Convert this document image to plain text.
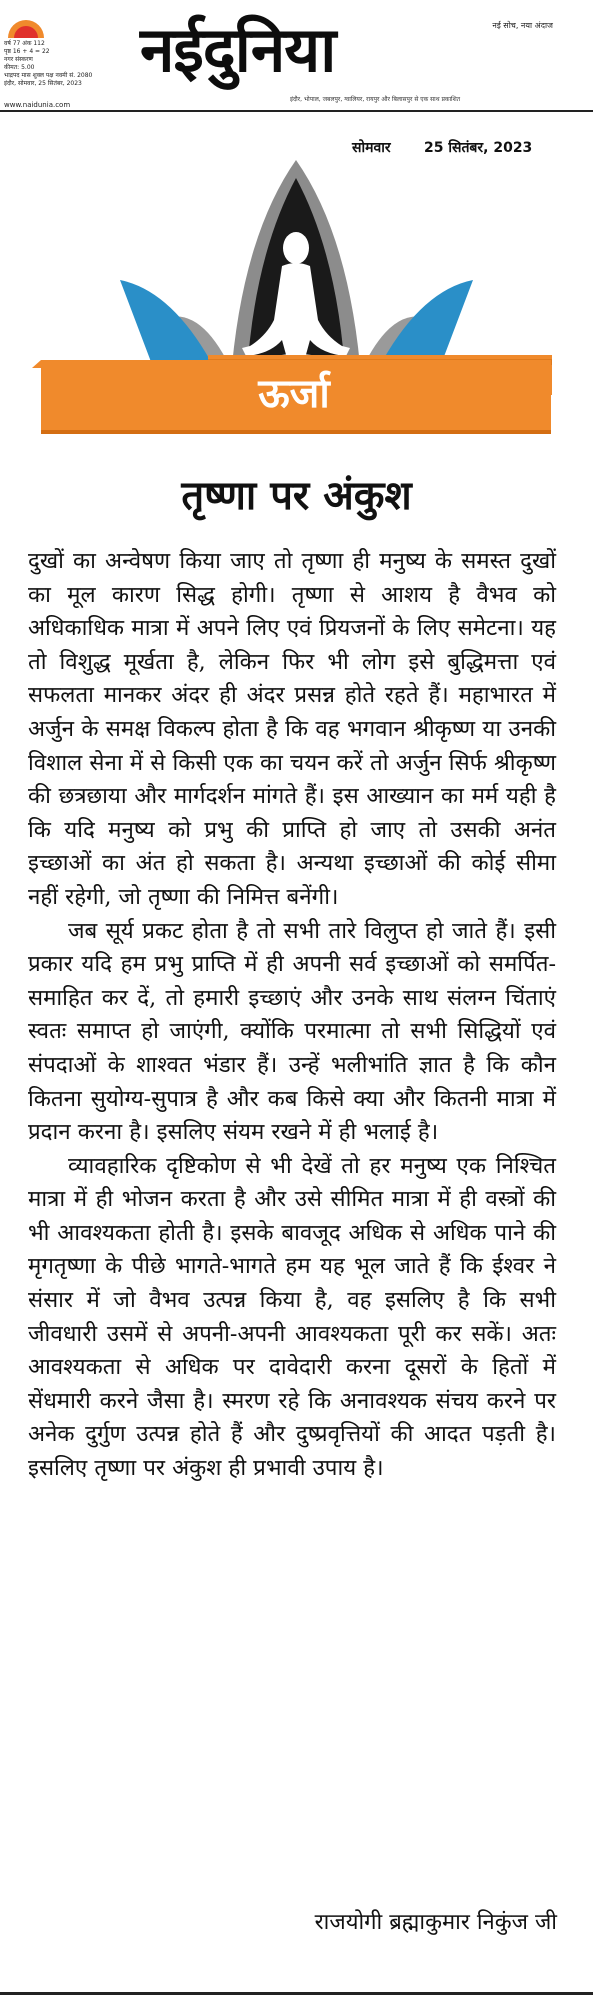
वर्ष 77 अंक 112
पृष्ठ 16 + 4 = 22
नगर संस्करण
कीमत: 5.00
भाद्रपद मास शुक्ल पक्ष नवमी सं. 2080
इंदौर, सोमवार, 25 सितंबर, 2023 नईदुनिया	नई सोच, नया अंदाज
इंदौर, भोपाल, जबलपुर, ग्वालियर, रायपुर और बिलासपुर से एक साथ प्रकाशित
www.naidunia.com
सोमवार 25 सितंबर, 2023
ऊर्जा
तृष्णा पर अंकुश

दुखों का अन्वेषण किया जाए तो तृष्णा ही मनुष्य के समस्त दुखों का मूल कारण सिद्ध होगी। तृष्णा से आशय है वैभव को अधिकाधिक मात्रा में अपने लिए एवं प्रियजनों के लिए समेटना। यह तो विशुद्ध मूर्खता है, लेकिन फिर भी लोग इसे बुद्धिमत्ता एवं सफलता मानकर अंदर ही अंदर प्रसन्न होते रहते हैं। महाभारत में अर्जुन के समक्ष विकल्प होता है कि वह भगवान श्रीकृष्ण या उनकी विशाल सेना में से किसी एक का चयन करें तो अर्जुन सिर्फ श्रीकृष्ण की छत्रछाया और मार्गदर्शन मांगते हैं। इस आख्यान का मर्म यही है कि यदि मनुष्य को प्रभु की प्राप्ति हो जाए तो उसकी अनंत इच्छाओं का अंत हो सकता है। अन्यथा इच्छाओं की कोई सीमा नहीं रहेगी, जो तृष्णा की निमित्त बनेंगी।

जब सूर्य प्रकट होता है तो सभी तारे विलुप्त हो जाते हैं। इसी प्रकार यदि हम प्रभु प्राप्ति में ही अपनी सर्व इच्छाओं को समर्पित-समाहित कर दें, तो हमारी इच्छाएं और उनके साथ संलग्न चिंताएं स्वतः समाप्त हो जाएंगी, क्योंकि परमात्मा तो सभी सिद्धियों एवं संपदाओं के शाश्वत भंडार हैं। उन्हें भलीभांति ज्ञात है कि कौन कितना सुयोग्य-सुपात्र है और कब किसे क्या और कितनी मात्रा में प्रदान करना है। इसलिए संयम रखने में ही भलाई है।

व्यावहारिक दृष्टिकोण से भी देखें तो हर मनुष्य एक निश्चित मात्रा में ही भोजन करता है और उसे सीमित मात्रा में ही वस्त्रों की भी आवश्यकता होती है। इसके बावजूद अधिक से अधिक पाने की मृगतृष्णा के पीछे भागते-भागते हम यह भूल जाते हैं कि ईश्वर ने संसार में जो वैभव उत्पन्न किया है, वह इसलिए है कि सभी जीवधारी उसमें से अपनी-अपनी आवश्यकता पूरी कर सकें। अतः आवश्यकता से अधिक पर दावेदारी करना दूसरों के हितों में सेंधमारी करने जैसा है। स्मरण रहे कि अनावश्यक संचय करने पर अनेक दुर्गुण उत्पन्न होते हैं और दुष्प्रवृत्तियों की आदत पड़ती है। इसलिए तृष्णा पर अंकुश ही प्रभावी उपाय है।

राजयोगी ब्रह्माकुमार निकुंज जी
